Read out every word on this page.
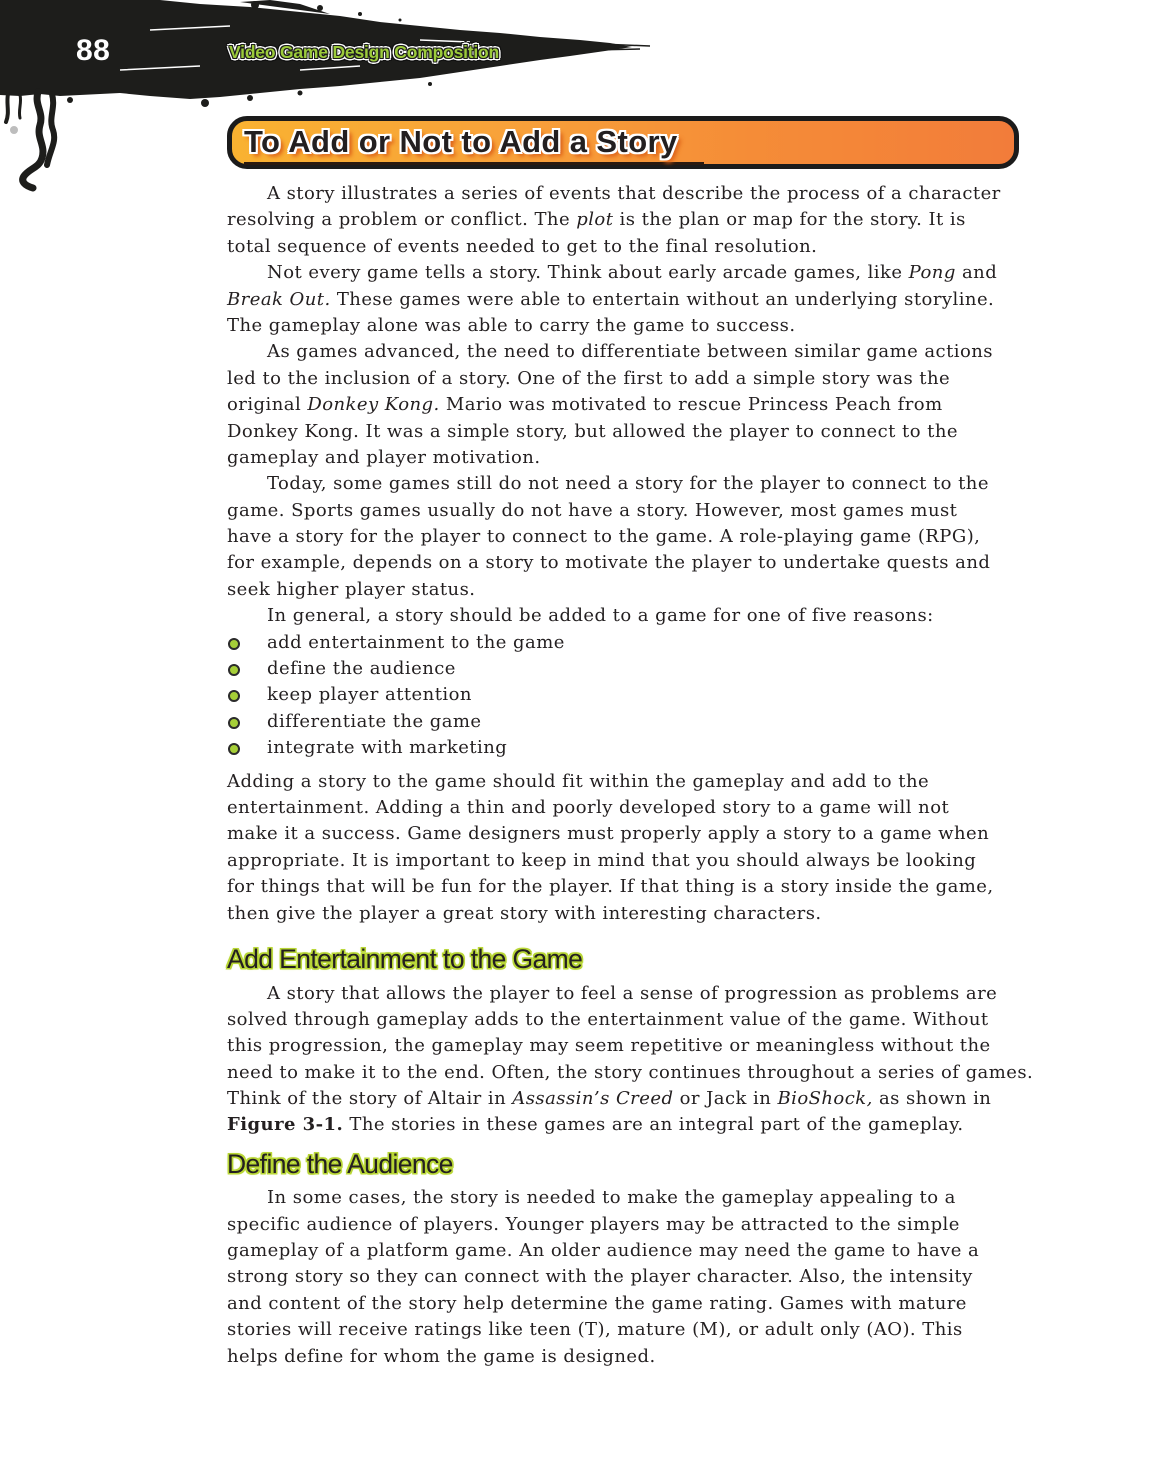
88	Video Game Design Composition
To Add or Not to Add a Story
A story illustrates a series of events that describe the process of a character
resolving a problem or conflict. The plot is the plan or map for the story. It is
total sequence of events needed to get to the final resolution.
Not every game tells a story. Think about early arcade games, like Pong and
Break Out. These games were able to entertain without an underlying storyline.
The gameplay alone was able to carry the game to success.
As games advanced, the need to differentiate between similar game actions
led to the inclusion of a story. One of the first to add a simple story was the
original Donkey Kong. Mario was motivated to rescue Princess Peach from
Donkey Kong. It was a simple story, but allowed the player to connect to the
gameplay and player motivation.
Today, some games still do not need a story for the player to connect to the
game. Sports games usually do not have a story. However, most games must
have a story for the player to connect to the game. A role-playing game (RPG),
for example, depends on a story to motivate the player to undertake quests and
seek higher player status.
In general, a story should be added to a game for one of five reasons:
add entertainment to the game
define the audience
keep player attention
differentiate the game
integrate with marketing
Adding a story to the game should fit within the gameplay and add to the
entertainment. Adding a thin and poorly developed story to a game will not
make it a success. Game designers must properly apply a story to a game when
appropriate. It is important to keep in mind that you should always be looking
for things that will be fun for the player. If that thing is a story inside the game,
then give the player a great story with interesting characters.
Add Entertainment to the Game
A story that allows the player to feel a sense of progression as problems are
solved through gameplay adds to the entertainment value of the game. Without
this progression, the gameplay may seem repetitive or meaningless without the
need to make it to the end. Often, the story continues throughout a series of games.
Think of the story of Altair in Assassin’s Creed or Jack in BioShock, as shown in
Figure 3-1. The stories in these games are an integral part of the gameplay.
Define the Audience
In some cases, the story is needed to make the gameplay appealing to a
specific audience of players. Younger players may be attracted to the simple
gameplay of a platform game. An older audience may need the game to have a
strong story so they can connect with the player character. Also, the intensity
and content of the story help determine the game rating. Games with mature
stories will receive ratings like teen (T), mature (M), or adult only (AO). This
helps define for whom the game is designed.
